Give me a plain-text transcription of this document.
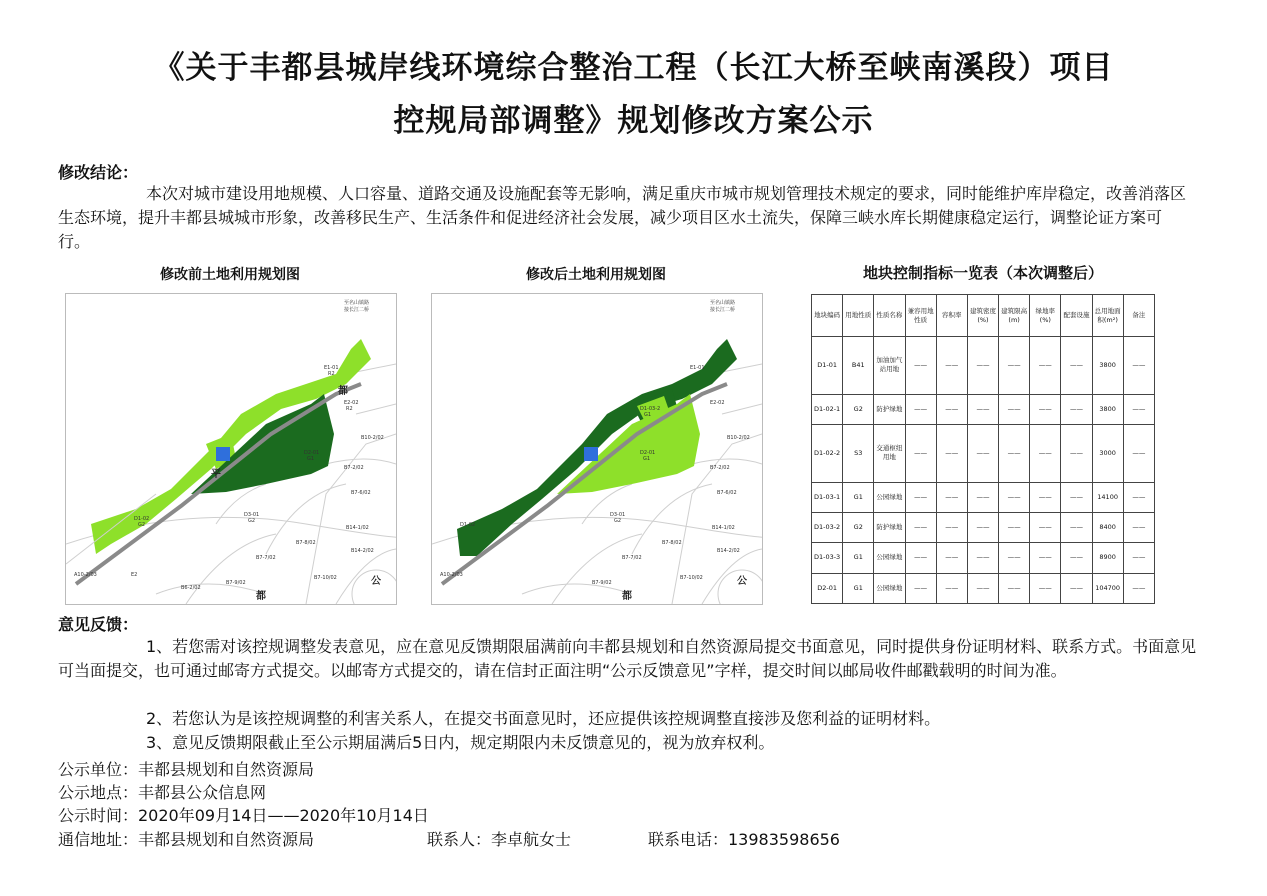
《关于丰都县城岸线环境综合整治工程（长江大桥至峡南溪段）项目
控规局部调整》规划修改方案公示
修改结论：
本次对城市建设用地规模、人口容量、道路交通及设施配套等无影响，满足重庆市城市规划管理技术规定的要求，同时能维护库岸稳定，改善消落区生态环境，提升丰都县城城市形象，改善移民生产、生活条件和促进经济社会发展，减少项目区水土流失，保障三峡水库长期健康稳定运行，调整论证方案可行。
修改前土地利用规划图	修改后土地利用规划图	地块控制指标一览表（本次调整后）
至名山镇路
接长江二桥
D2-01
G1
D1-02
G2
D3-01
G2
E1-01
R2
E2-02
R2
B10-2/02
B7-2/02
B7-6/02
B14-1/02
B14-2/02
B7-8/02
B7-7/02
B7-9/02
B6-2/02
A10-2/03	E2	B7-10/02
平
都
公
都
至名山镇路
接长江二桥
D2-01
G1
D1-03-2
G1
D1-02
D3-01
G2
E1-01
E2-02
B10-2/02
B7-2/02
B7-6/02
B14-1/02
B14-2/02
B7-8/02
B7-7/02
B7-9/02
A10-2/03	B7-10/02	公
都
地块编码	用地性质	性质名称	兼容用地性质	容积率	建筑密度(%)	建筑限高(m)	绿地率(%)	配套设施	总用地面积(m²)	备注
D1-01	B41	加油加气站用地	——	——	——	——	——	——	3800	——
D1-02-1	G2	防护绿地	——	——	——	——	——	——	3800	——
D1-02-2	S3	交通枢纽用地	——	——	——	——	——	——	3000	——
D1-03-1	G1	公园绿地	——	——	——	——	——	——	14100	——
D1-03-2	G2	防护绿地	——	——	——	——	——	——	8400	——
D1-03-3	G1	公园绿地	——	——	——	——	——	——	8900	——
D2-01	G1	公园绿地	——	——	——	——	——	——	104700	——
意见反馈：
1、若您需对该控规调整发表意见，应在意见反馈期限届满前向丰都县规划和自然资源局提交书面意见，同时提供身份证明材料、联系方式。书面意见可当面提交，也可通过邮寄方式提交。以邮寄方式提交的，请在信封正面注明“公示反馈意见”字样，提交时间以邮局收件邮戳载明的时间为准。
2、若您认为是该控规调整的利害关系人，在提交书面意见时，还应提供该控规调整直接涉及您利益的证明材料。
3、意见反馈期限截止至公示期届满后5日内，规定期限内未反馈意见的，视为放弃权利。
公示单位：丰都县规划和自然资源局
公示地点：丰都县公众信息网
公示时间：2020年09月14日——2020年10月14日
通信地址：丰都县规划和自然资源局	联系人：李卓航女士	联系电话：13983598656
